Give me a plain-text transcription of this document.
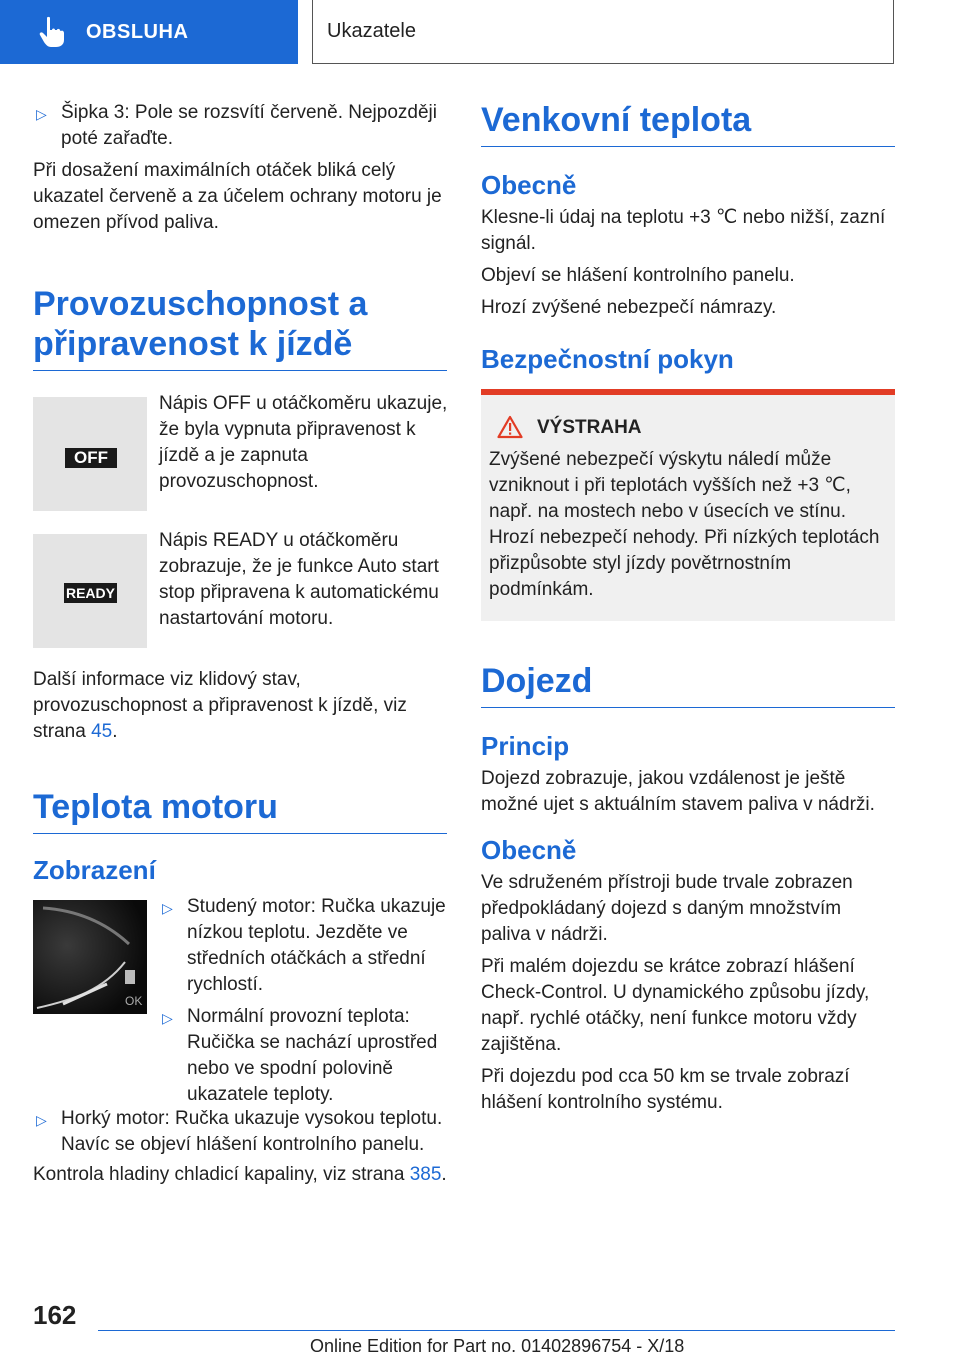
OBSLUHA	Ukazatele

▷ Šipka 3: Pole se rozsvítí červeně. Nejpozději poté zařaďte.

Při dosažení maximálních otáček bliká celý ukazatel červeně a za účelem ochrany motoru je omezen přívod paliva.

Provozuschopnost a připravenost k jízdě
OFF

Nápis OFF u otáčkoměru ukazuje, že byla vypnuta připravenost k jízdě a je zapnuta provozuschopnost.

READY

Nápis READY u otáčkoměru zobrazuje, že je funkce Auto start stop připravena k automatickému nastartování motoru.

Další informace viz klidový stav, provozuschopnost a připravenost k jízdě, viz strana 45.

Teplota motoru
Zobrazení
OK

▷ Studený motor: Ručka ukazuje nízkou teplotu. Jezděte ve středních otáčkách a střední rychlostí.

▷ Normální provozní teplota: Ručička se nachází uprostřed nebo ve spodní polovině ukazatele teploty.

▷ Horký motor: Ručka ukazuje vysokou teplotu. Navíc se objeví hlášení kontrolního panelu.

Kontrola hladiny chladicí kapaliny, viz strana 385.

Venkovní teplota
Obecně

Klesne-li údaj na teplotu +3 ℃ nebo nižší, zazní signál.

Objeví se hlášení kontrolního panelu.

Hrozí zvýšené nebezpečí námrazy.

Bezpečnostní pokyn
VÝSTRAHA

Zvýšené nebezpečí výskytu náledí může vzniknout i při teplotách vyšších než +3 ℃, např. na mostech nebo v úsecích ve stínu. Hrozí nebezpečí nehody. Při nízkých teplotách přizpůsobte styl jízdy povětrnostním podmínkám.

Dojezd
Princip

Dojezd zobrazuje, jakou vzdálenost je ještě možné ujet s aktuálním stavem paliva v nádrži.

Obecně

Ve sdruženém přístroji bude trvale zobrazen předpokládaný dojezd s daným množstvím paliva v nádrži.

Při malém dojezdu se krátce zobrazí hlášení Check-Control. U dynamického způsobu jízdy, např. rychlé otáčky, není funkce motoru vždy zajištěna.

Při dojezdu pod cca 50 km se trvale zobrazí hlášení kontrolního systému.

162
Online Edition for Part no. 01402896754 - X/18
